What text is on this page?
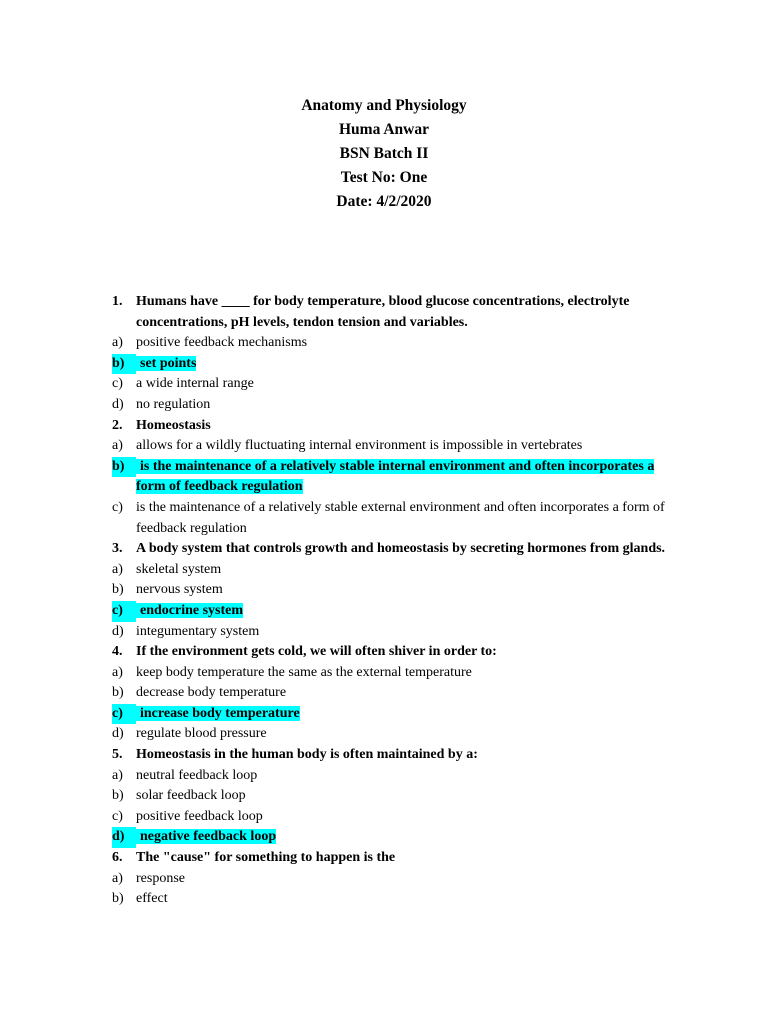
Anatomy and Physiology
Huma Anwar
BSN Batch II
Test No: One
Date: 4/2/2020
1. Humans have ____ for body temperature, blood glucose concentrations, electrolyte concentrations, pH levels, tendon tension and variables.
a) positive feedback mechanisms
b)	set points
c) a wide internal range
d) no regulation
2. Homeostasis
a) allows for a wildly fluctuating internal environment is impossible in vertebrates
b)	is the maintenance of a relatively stable internal environment and often incorporates a form of feedback regulation
c) is the maintenance of a relatively stable external environment and often incorporates a form of feedback regulation
3. A body system that controls growth and homeostasis by secreting hormones from glands.
a) skeletal system
b) nervous system
c)	endocrine system
d) integumentary system
4. If the environment gets cold, we will often shiver in order to:
a) keep body temperature the same as the external temperature
b) decrease body temperature
c)	increase body temperature
d) regulate blood pressure
5. Homeostasis in the human body is often maintained by a:
a) neutral feedback loop
b) solar feedback loop
c) positive feedback loop
d)	negative feedback loop
6. The "cause" for something to happen is the
a) response
b) effect
